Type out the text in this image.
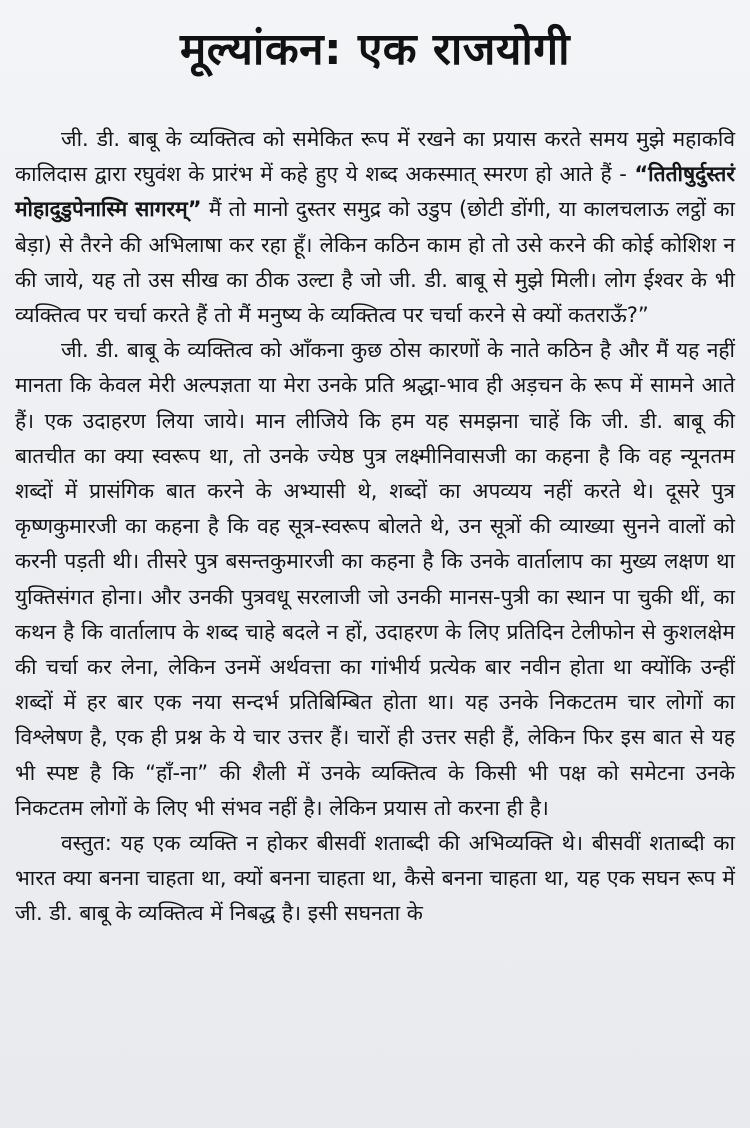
मूल्यांकन: एक राजयोगी

जी. डी. बाबू के व्यक्तित्व को समेकित रूप में रखने का प्रयास करते समय मुझे महाकवि कालिदास द्वारा रघुवंश के प्रारंभ में कहे हुए ये शब्द अकस्मात् स्मरण हो आते हैं - “तितीषुर्दुस्तरं मोहादुडुपेनास्मि सागरम्” मैं तो मानो दुस्तर समुद्र को उडुप (छोटी डोंगी, या कालचलाऊ लट्ठों का बेड़ा) से तैरने की अभिलाषा कर रहा हूँ। लेकिन कठिन काम हो तो उसे करने की कोई कोशिश न की जाये, यह तो उस सीख का ठीक उल्टा है जो जी. डी. बाबू से मुझे मिली। लोग ईश्वर के भी व्यक्तित्व पर चर्चा करते हैं तो मैं मनुष्य के व्यक्तित्व पर चर्चा करने से क्यों कतराऊँ?”

जी. डी. बाबू के व्यक्तित्व को आँकना कुछ ठोस कारणों के नाते कठिन है और मैं यह नहीं मानता कि केवल मेरी अल्पज्ञता या मेरा उनके प्रति श्रद्धा-भाव ही अड़चन के रूप में सामने आते हैं। एक उदाहरण लिया जाये। मान लीजिये कि हम यह समझना चाहें कि जी. डी. बाबू की बातचीत का क्या स्वरूप था, तो उनके ज्येष्ठ पुत्र लक्ष्मीनिवासजी का कहना है कि वह न्यूनतम शब्दों में प्रासंगिक बात करने के अभ्यासी थे, शब्दों का अपव्यय नहीं करते थे। दूसरे पुत्र कृष्णकुमारजी का कहना है कि वह सूत्र-स्वरूप बोलते थे, उन सूत्रों की व्याख्या सुनने वालों को करनी पड़ती थी। तीसरे पुत्र बसन्तकुमारजी का कहना है कि उनके वार्तालाप का मुख्य लक्षण था युक्तिसंगत होना। और उनकी पुत्रवधू सरलाजी जो उनकी मानस-पुत्री का स्थान पा चुकी थीं, का कथन है कि वार्तालाप के शब्द चाहे बदले न हों, उदाहरण के लिए प्रतिदिन टेलीफोन से कुशलक्षेम की चर्चा कर लेना, लेकिन उनमें अर्थवत्ता का गांभीर्य प्रत्येक बार नवीन होता था क्योंकि उन्हीं शब्दों में हर बार एक नया सन्दर्भ प्रतिबिम्बित होता था। यह उनके निकटतम चार लोगों का विश्लेषण है, एक ही प्रश्न के ये चार उत्तर हैं। चारों ही उत्तर सही हैं, लेकिन फिर इस बात से यह भी स्पष्ट है कि “हाँ-ना” की शैली में उनके व्यक्तित्व के किसी भी पक्ष को समेटना उनके निकटतम लोगों के लिए भी संभव नहीं है। लेकिन प्रयास तो करना ही है।

वस्तुत: यह एक व्यक्ति न होकर बीसवीं शताब्दी की अभिव्यक्ति थे। बीसवीं शताब्दी का भारत क्या बनना चाहता था, क्यों बनना चाहता था, कैसे बनना चाहता था, यह एक सघन रूप में जी. डी. बाबू के व्यक्तित्व में निबद्ध है। इसी सघनता के
